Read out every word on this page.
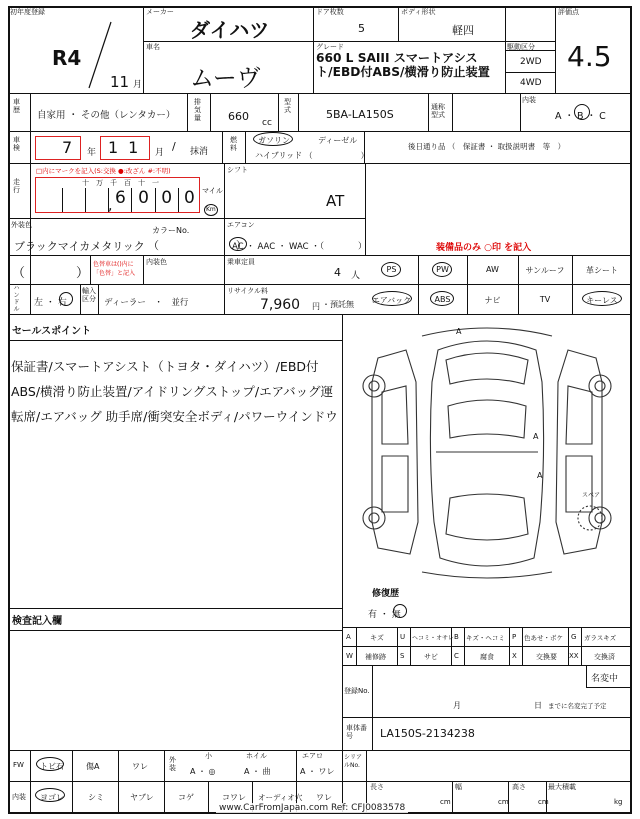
初年度登録
R4
11 月
メーカー
ダイハツ
車名
ムーヴ
ドア枚数
5
ボディ形状
軽四
グレード
660 L SAIII スマートアシスト/EBD付ABS/横滑り防止装置
駆動区分
2WD
4WD
評価点
4.5
車歴 自家用 ・ その他（レンタカー）
排気量 660 cc
型式	5BA-LA150S
通称型式
内装
A ・ B ・ C
車検	7 年 11 月 / 抹消
燃料
ガソリン	ディーゼル
ハイブリッド （　　　　　　）
後日通り品 （　保証書 ・ 取扱説明書　等　）
走行
□内にマークを記入(S:交換 ●:改ざん #:不明)
十　万　千　百　十　一
6 0 0 0
,
マイル
Km
シフト
AT
外装色
ブラックマイカメタリック
カラーNo.
（　　　　　　　）
エアコン
AC ・ AAC ・ WAC ・（　　　　）	装備品のみ ○印 を記入
（	）
色替車は()内に「色替」と記入
内装色	乗車定員
4 人
PS	PW	AW	サンルーフ	革シート
エアバック	ABS	ナビ	TV	キーレス
ハンドル
左 ・ 右
輸入区分 ディーラー　・　並行
リサイクル料
7,960 円 ・預託無
セールスポイント
保証書/スマートアシスト（トヨタ・ダイハツ）/EBD付ABS/横滑り防止装置/アイドリングストップ/エアバッグ運転席/エアバッグ 助手席/衝突安全ボディ/パワーウインドウ
検査記入欄
A
A
A
スペア
修復歴
有 ・ 無
A	キズ U ヘコミ・オサレ B キズ・ヘコミ P 色あせ・ボケ G ガラスキズ
W 補修跡 S	サビ C	腐食	X	交換要 XX 交換済
登録No.
名変中
月	日 までに名変完了予定
車体番号	LA150S-2134238
FW トビ石	傷A	ワレ
外装
小
A ・ ◎
ホイル
A ・ 曲
エアロ
A ・ ワレ
内装 ヨゴレ	シミ	ヤブレ	コゲ	コワレ オーディオ穴 ワレ
シリアルNo.
長さ
cm
幅
cm
高さ
cm
最大積載
kg
www.CarFromJapan.com Ref: CFJ0083578
